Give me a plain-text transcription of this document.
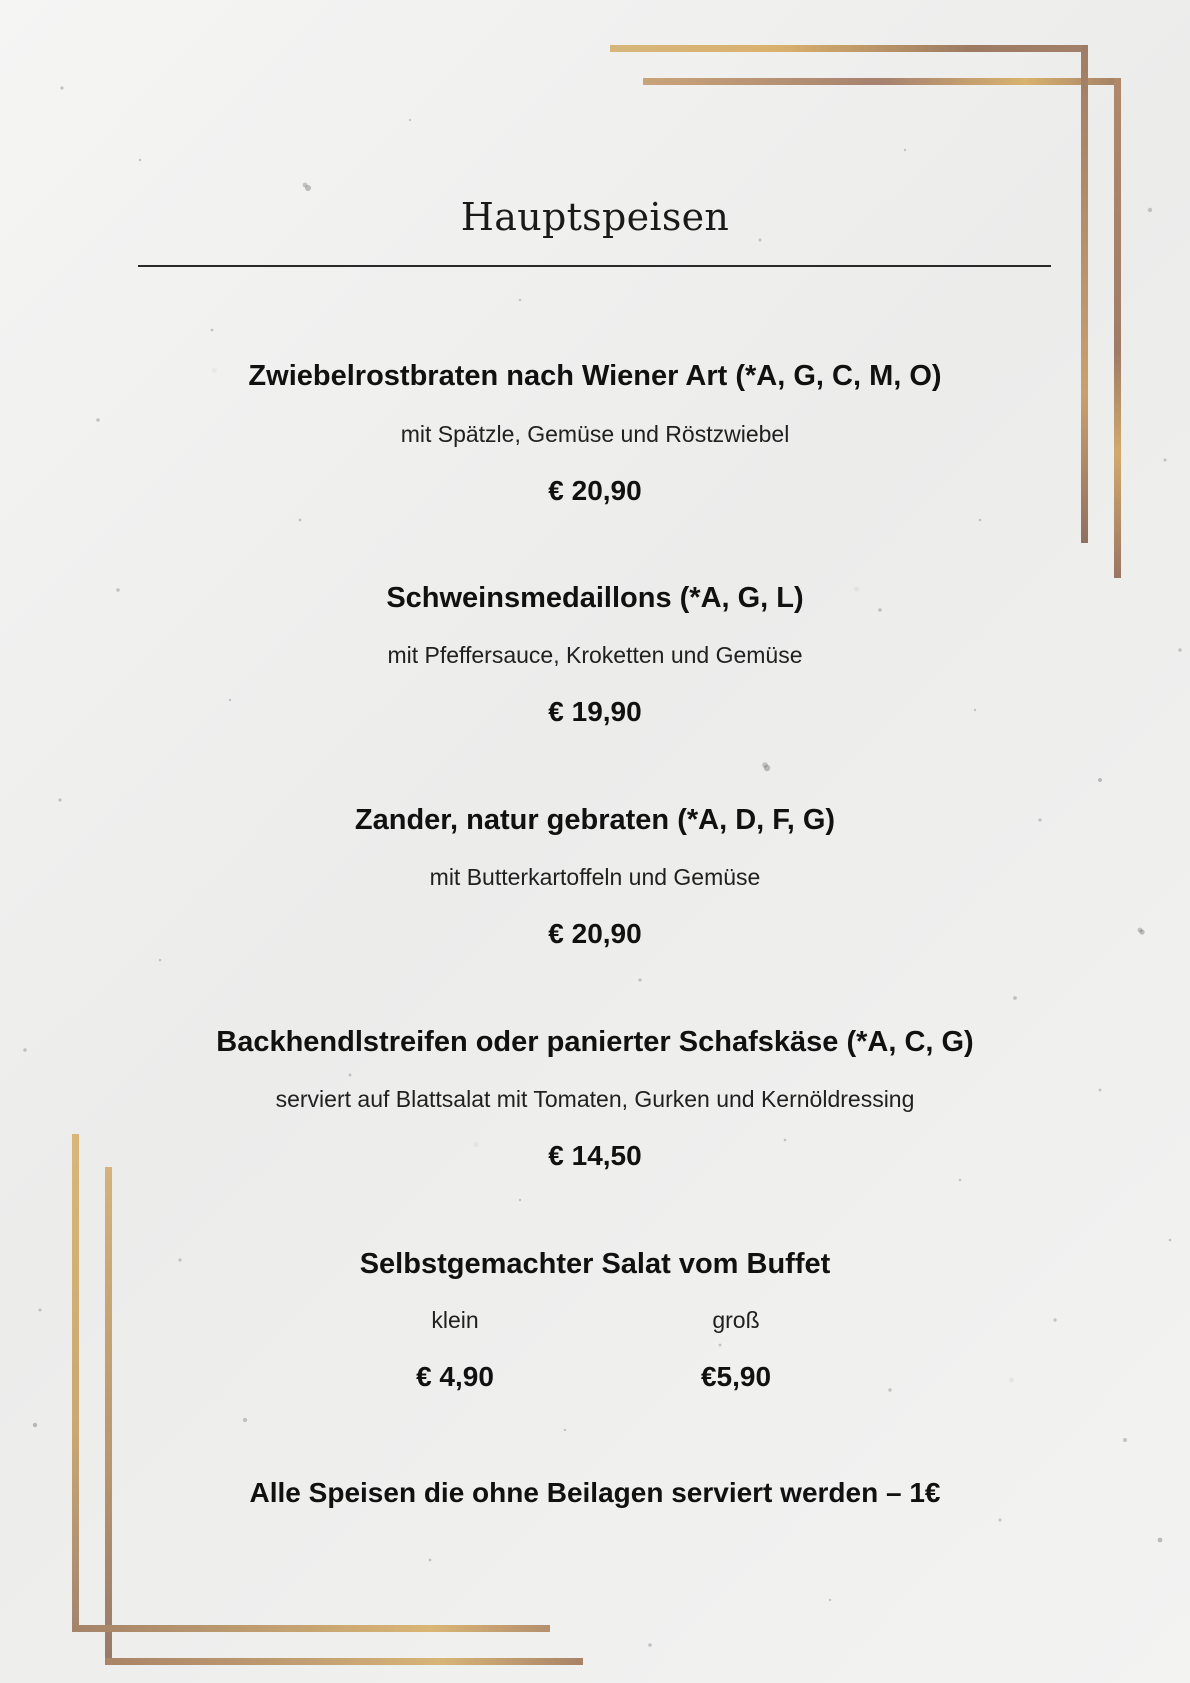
Hauptspeisen
Zwiebelrostbraten nach Wiener Art (*A, G, C, M, O)
mit Spätzle, Gemüse und Röstzwiebel
€ 20,90
Schweinsmedaillons (*A, G, L)
mit Pfeffersauce, Kroketten und Gemüse
€ 19,90
Zander, natur gebraten (*A, D, F, G)
mit Butterkartoffeln und Gemüse
€ 20,90
Backhendlstreifen oder panierter Schafskäse (*A, C, G)
serviert auf Blattsalat mit Tomaten, Gurken und Kernöldressing
€ 14,50
Selbstgemachter Salat vom Buffet
klein	groß
€ 4,90	€5,90
Alle Speisen die ohne Beilagen serviert werden – 1€
